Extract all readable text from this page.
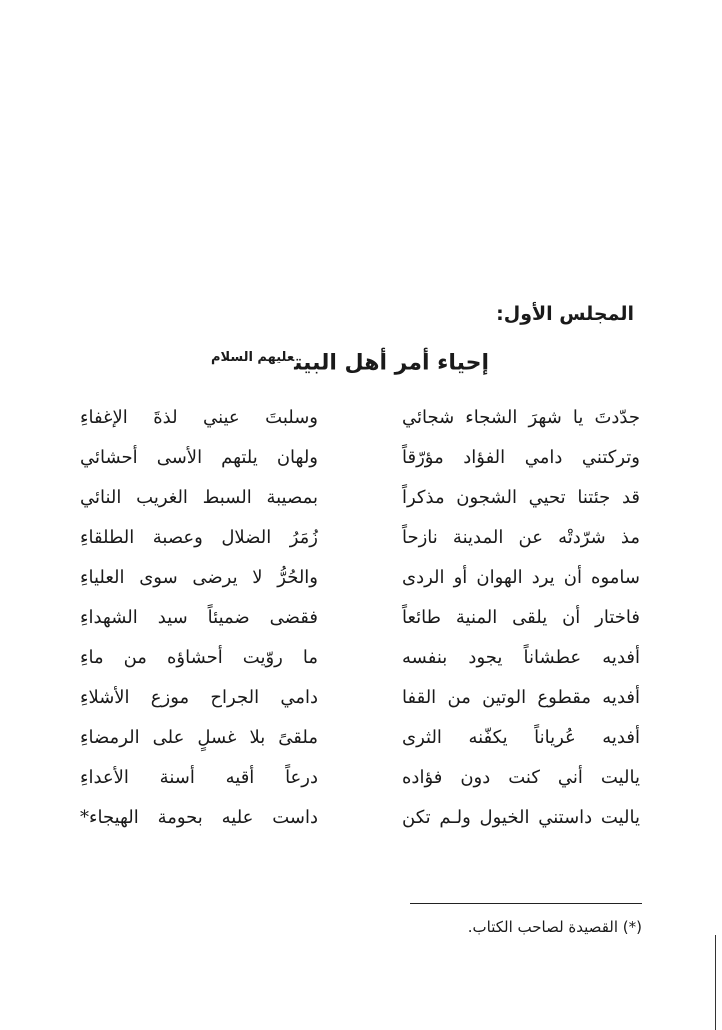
المجلس الأول:
إحياء أمر أهل البيت$^{عليهم السلام}$
جدّدتَ يا شهرَ الشجاء شجائي
وسلبتَ عيني لذةَ الإغفاءِ
وتركتني دامي الفؤاد مؤرّقاً
ولهان يلتهم الأسى أحشائي
قد جئتنا تحيي الشجون مذكراً
بمصيبة السبط الغريب النائي
مذ شرّدتْه عن المدينة نازحاً
زُمَرُ الضلال وعصبة الطلقاءِ
ساموه أن يرد الهوان أو الردى
والحُرُّ لا يرضى سوى العلياءِ
فاختار أن يلقى المنية طائعاً
فقضى ضميئاً سيد الشهداءِ
أفديه عطشاناً يجود بنفسه
ما روّيت أحشاؤه من ماءِ
أفديه مقطوع الوتين من القفا
دامي الجراح موزع الأشلاءِ
أفديه عُرياناً يكفّنه الثرى
ملقىً بلا غسلٍ على الرمضاءِ
ياليت أني كنت دون فؤاده
درعاً أقيه أسنة الأعداءِ
ياليت داستني الخيول ولـم تكن
داست عليه بحومة الهيجاء*
(*) القصيدة لصاحب الكتاب.
